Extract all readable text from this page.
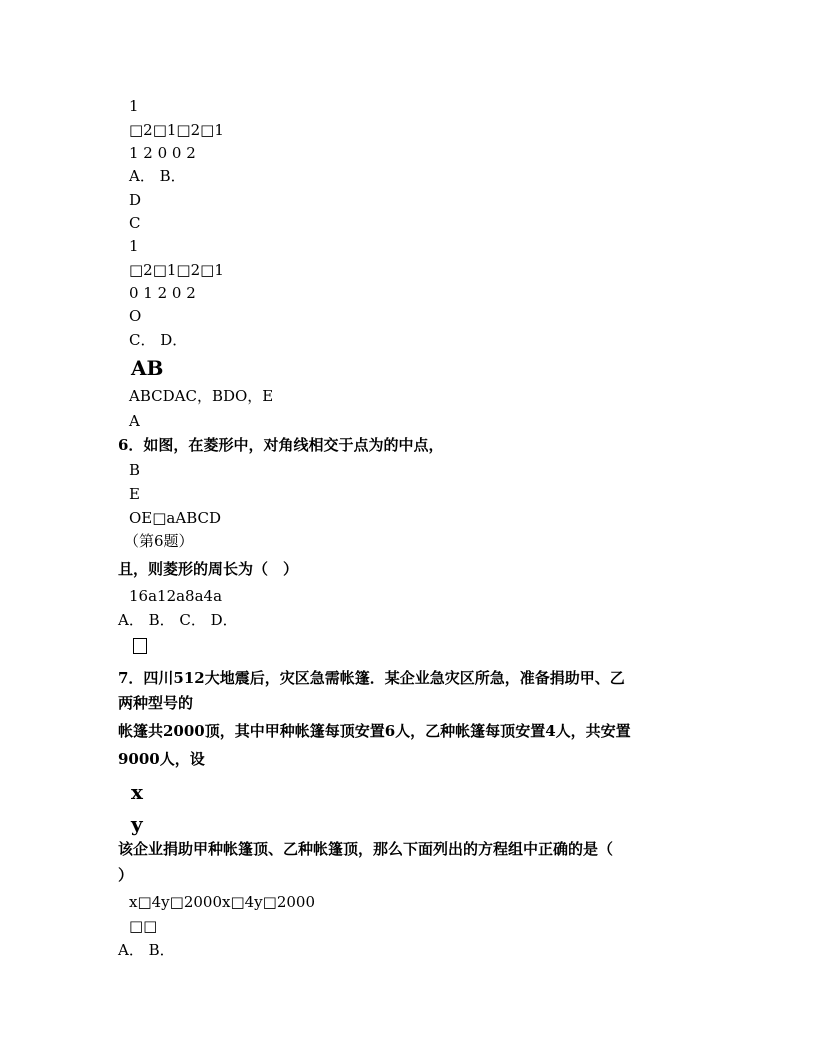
1
□2□1□2□1
1 2 0 0 2
A． B．
D
C
1
□2□1□2□1
0 1 2 0 2
O
C． D．
AB
ABCDAC，BDO，E
A
6．如图，在菱形中，对角线相交于点为的中点，
B
E
OE□aABCD
（第6题）
且，则菱形的周长为（　）
16a12a8a4a
A． B． C． D．
7．四川512大地震后，灾区急需帐篷．某企业急灾区所急，准备捐助甲、乙
两种型号的
帐篷共2000顶，其中甲种帐篷每顶安置6人，乙种帐篷每顶安置4人，共安置
9000人，设
x
y
该企业捐助甲种帐篷顶、乙种帐篷顶，那么下面列出的方程组中正确的是（
）
x□4y□2000x□4y□2000
□□
A． B．
